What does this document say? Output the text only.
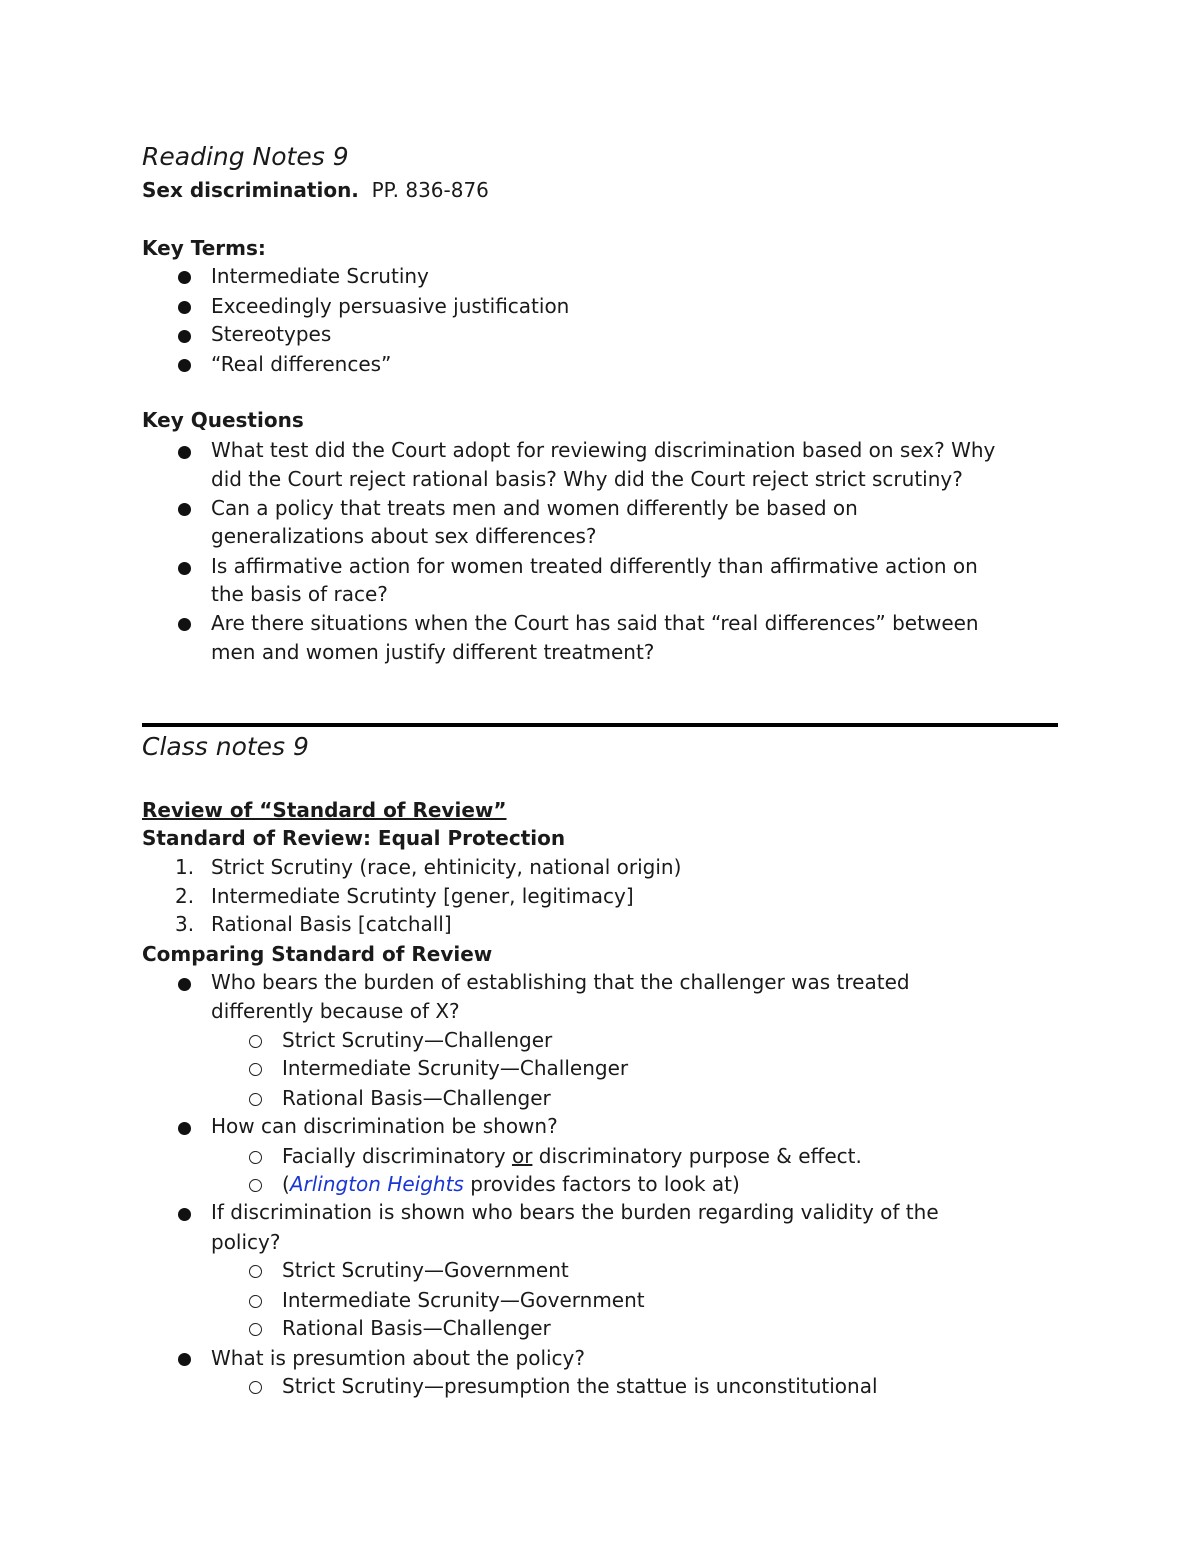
Reading Notes 9
Sex discrimination. PP. 836-876
Key Terms:
Intermediate Scrutiny
Exceedingly persuasive justification
Stereotypes
“Real differences”
Key Questions
What test did the Court adopt for reviewing discrimination based on sex? Why
did the Court reject rational basis? Why did the Court reject strict scrutiny?
Can a policy that treats men and women differently be based on
generalizations about sex differences?
Is affirmative action for women treated differently than affirmative action on
the basis of race?
Are there situations when the Court has said that “real differences” between
men and women justify different treatment?
Class notes 9
Review of “Standard of Review”
Standard of Review: Equal Protection
1. Strict Scrutiny (race, ehtinicity, national origin)
2. Intermediate Scrutinty [gener, legitimacy]
3. Rational Basis [catchall]
Comparing Standard of Review
Who bears the burden of establishing that the challenger was treated
differently because of X?
Strict Scrutiny—Challenger
Intermediate Scrunity—Challenger
Rational Basis—Challenger
How can discrimination be shown?
Facially discriminatory or discriminatory purpose & effect.
(Arlington Heights provides factors to look at)
If discrimination is shown who bears the burden regarding validity of the
policy?
Strict Scrutiny—Government
Intermediate Scrunity—Government
Rational Basis—Challenger
What is presumtion about the policy?
Strict Scrutiny—presumption the stattue is unconstitutional
